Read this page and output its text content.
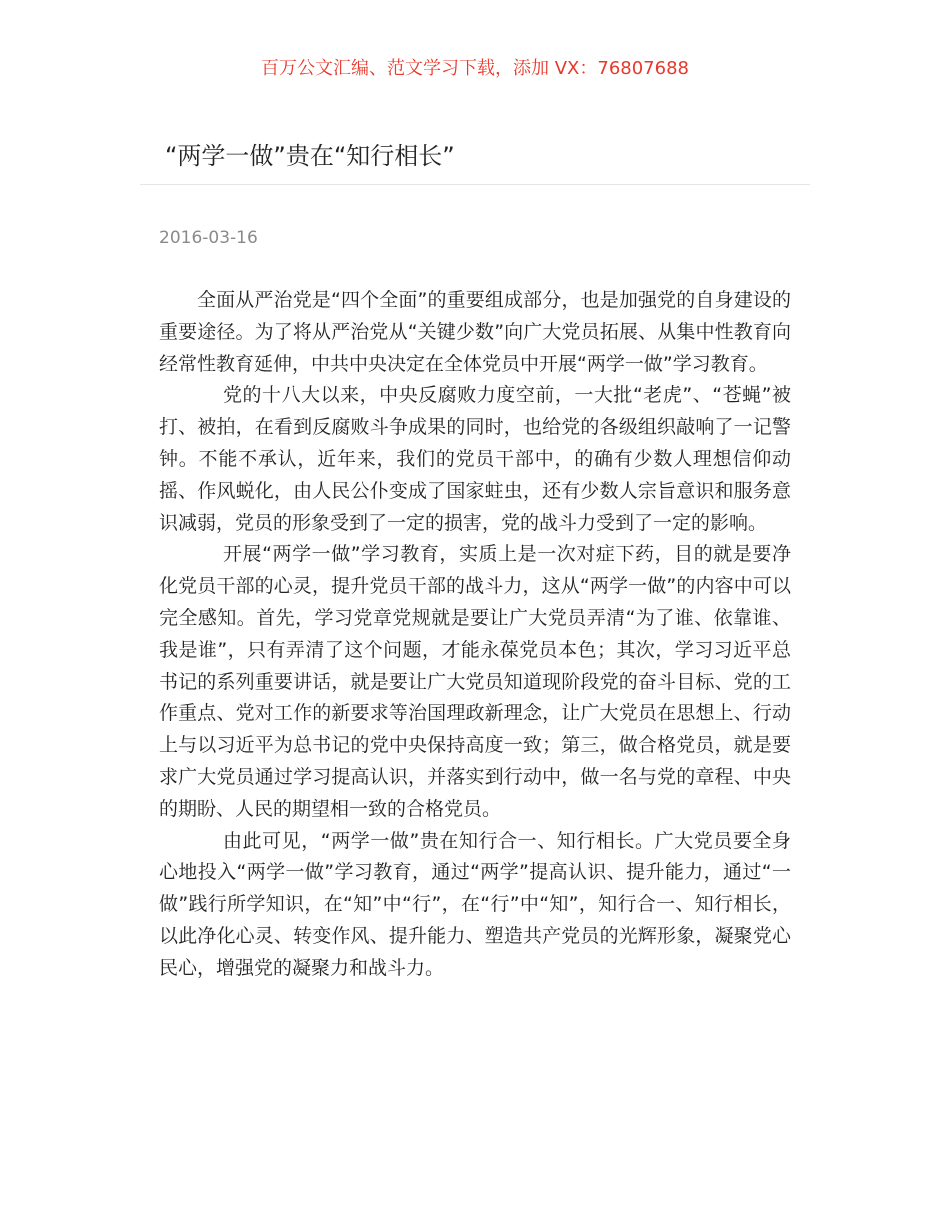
百万公文汇编、范文学习下载，添加 VX：76807688
“两学一做”贵在“知行相长”
2016-03-16

全面从严治党是“四个全面”的重要组成部分，也是加强党的自身建设的重要途径。为了将从严治党从“关键少数”向广大党员拓展、从集中性教育向经常性教育延伸，中共中央决定在全体党员中开展“两学一做”学习教育。

党的十八大以来，中央反腐败力度空前，一大批“老虎”、“苍蝇”被打、被拍，在看到反腐败斗争成果的同时，也给党的各级组织敲响了一记警钟。不能不承认，近年来，我们的党员干部中，的确有少数人理想信仰动摇、作风蜕化，由人民公仆变成了国家蛀虫，还有少数人宗旨意识和服务意识减弱，党员的形象受到了一定的损害，党的战斗力受到了一定的影响。

开展“两学一做”学习教育，实质上是一次对症下药，目的就是要净化党员干部的心灵，提升党员干部的战斗力，这从“两学一做”的内容中可以完全感知。首先，学习党章党规就是要让广大党员弄清“为了谁、依靠谁、我是谁”，只有弄清了这个问题，才能永葆党员本色；其次，学习习近平总书记的系列重要讲话，就是要让广大党员知道现阶段党的奋斗目标、党的工作重点、党对工作的新要求等治国理政新理念，让广大党员在思想上、行动上与以习近平为总书记的党中央保持高度一致；第三，做合格党员，就是要求广大党员通过学习提高认识，并落实到行动中，做一名与党的章程、中央的期盼、人民的期望相一致的合格党员。

由此可见，“两学一做”贵在知行合一、知行相长。广大党员要全身心地投入“两学一做”学习教育，通过“两学”提高认识、提升能力，通过“一做”践行所学知识，在“知”中“行”，在“行”中“知”，知行合一、知行相长，以此净化心灵、转变作风、提升能力、塑造共产党员的光辉形象，凝聚党心民心，增强党的凝聚力和战斗力。
